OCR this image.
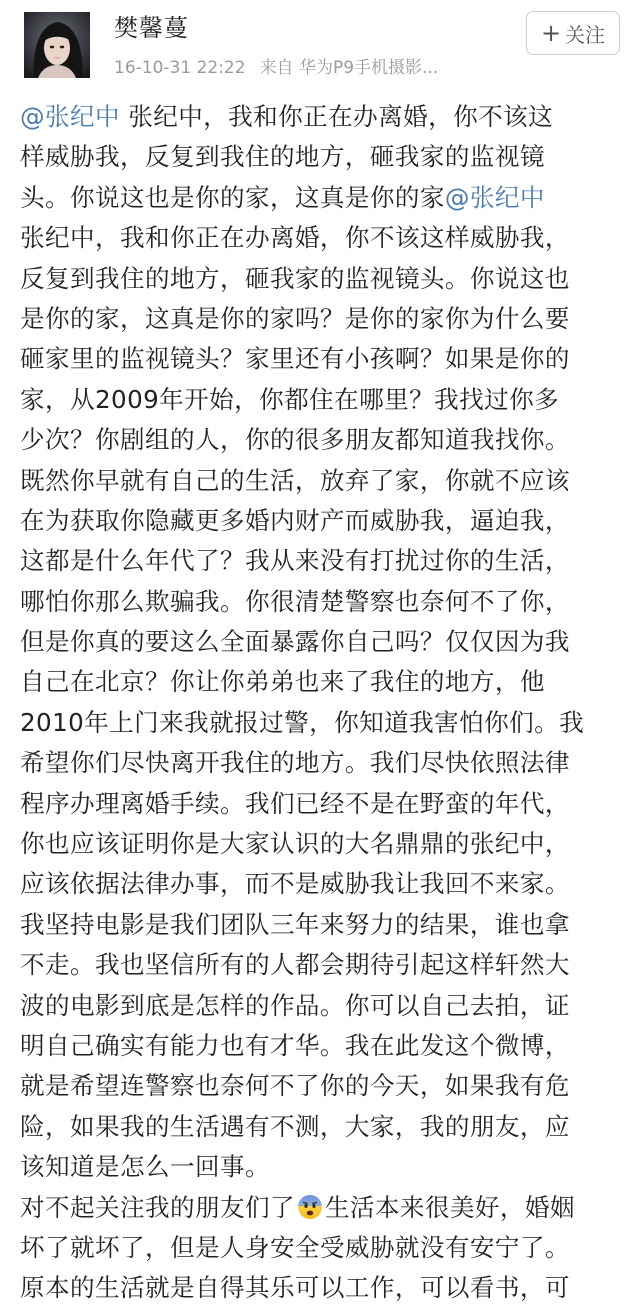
樊馨蔓
16-10-31 22:22 来自 华为P9手机摄影...
+ 关注
@张纪中 张纪中，我和你正在办离婚，你不该这
样威胁我，反复到我住的地方，砸我家的监视镜
头。你说这也是你的家，这真是你的家@张纪中
张纪中，我和你正在办离婚，你不该这样威胁我，
反复到我住的地方，砸我家的监视镜头。你说这也
是你的家，这真是你的家吗？是你的家你为什么要
砸家里的监视镜头？家里还有小孩啊？如果是你的
家，从2009年开始，你都住在哪里？我找过你多
少次？你剧组的人，你的很多朋友都知道我找你。
既然你早就有自己的生活，放弃了家，你就不应该
在为获取你隐藏更多婚内财产而威胁我，逼迫我，
这都是什么年代了？我从来没有打扰过你的生活，
哪怕你那么欺骗我。你很清楚警察也奈何不了你，
但是你真的要这么全面暴露你自己吗？仅仅因为我
自己在北京？你让你弟弟也来了我住的地方，他
2010年上门来我就报过警，你知道我害怕你们。我
希望你们尽快离开我住的地方。我们尽快依照法律
程序办理离婚手续。我们已经不是在野蛮的年代，
你也应该证明你是大家认识的大名鼎鼎的张纪中，
应该依据法律办事，而不是威胁我让我回不来家。
我坚持电影是我们团队三年来努力的结果，谁也拿
不走。我也坚信所有的人都会期待引起这样轩然大
波的电影到底是怎样的作品。你可以自己去拍，证
明自己确实有能力也有才华。我在此发这个微博，
就是希望连警察也奈何不了你的今天，如果我有危
险，如果我的生活遇有不测，大家，我的朋友，应
该知道是怎么一回事。
对不起关注我的朋友们了 生活本来很美好，婚姻
坏了就坏了，但是人身安全受威胁就没有安宁了。
原本的生活就是自得其乐可以工作，可以看书，可
